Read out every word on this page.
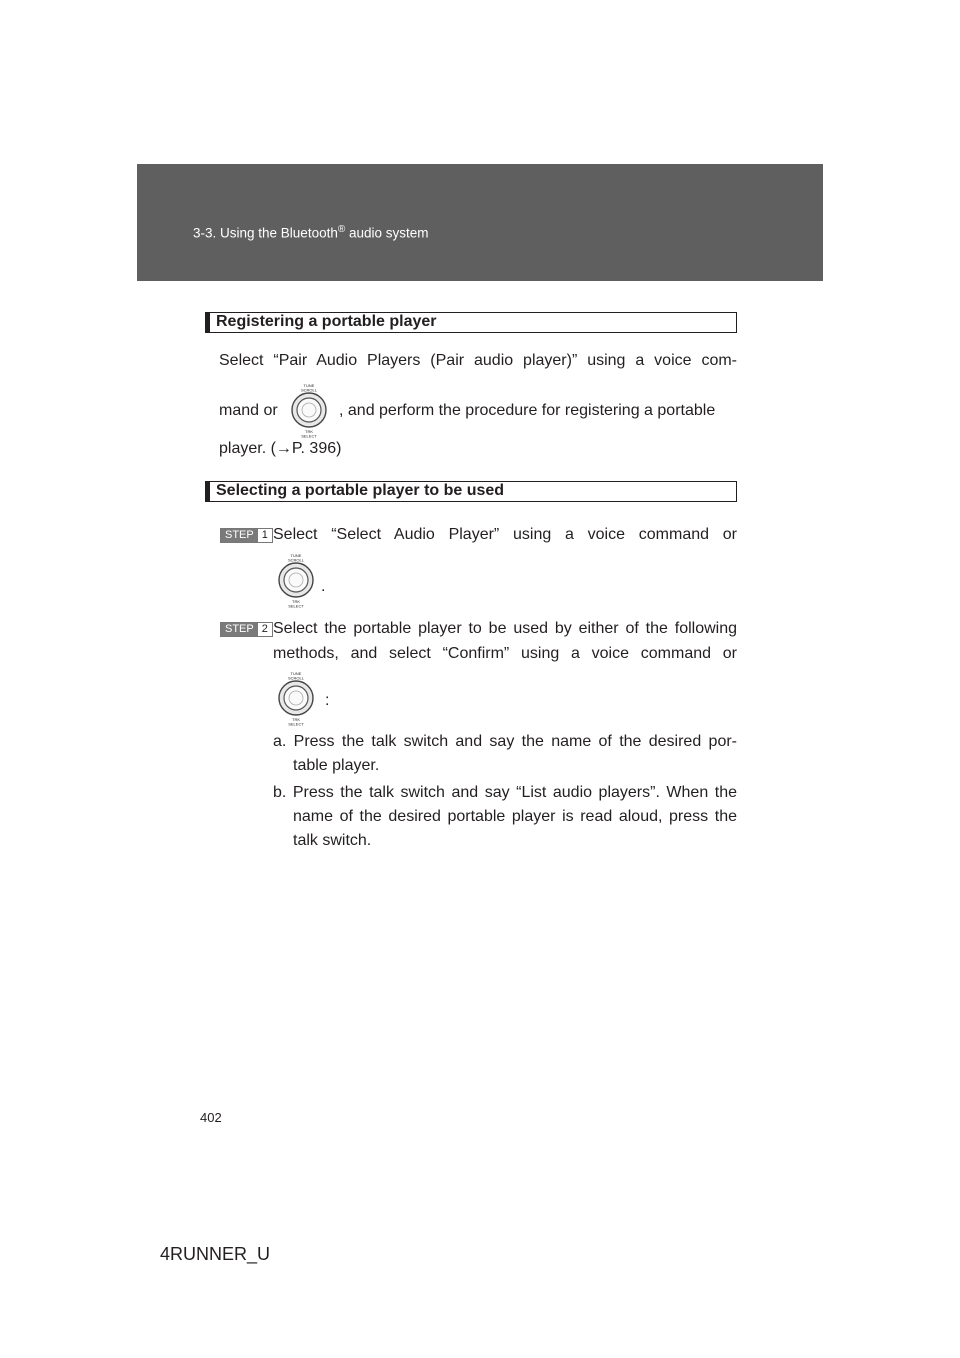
3-3. Using the Bluetooth® audio system
Registering a portable player
Select “Pair Audio Players (Pair audio player)” using a voice com-
mand or
TUNE
SCROLL
TRK
SELECT
, and perform the procedure for registering a portable
player. (→P. 396)
Selecting a portable player to be used
STEP 1 Select “Select Audio Player” using a voice command or
TUNE
SCROLL
TRK
SELECT
.
STEP 2 Select the portable player to be used by either of the following
methods, and select “Confirm” using a voice command or
TUNE
SCROLL
TRK
SELECT
:
a. Press the talk switch and say the name of the desired por-
table player.
b. Press the talk switch and say “List audio players”. When the
name of the desired portable player is read aloud, press the
talk switch.
402
4RUNNER_U
